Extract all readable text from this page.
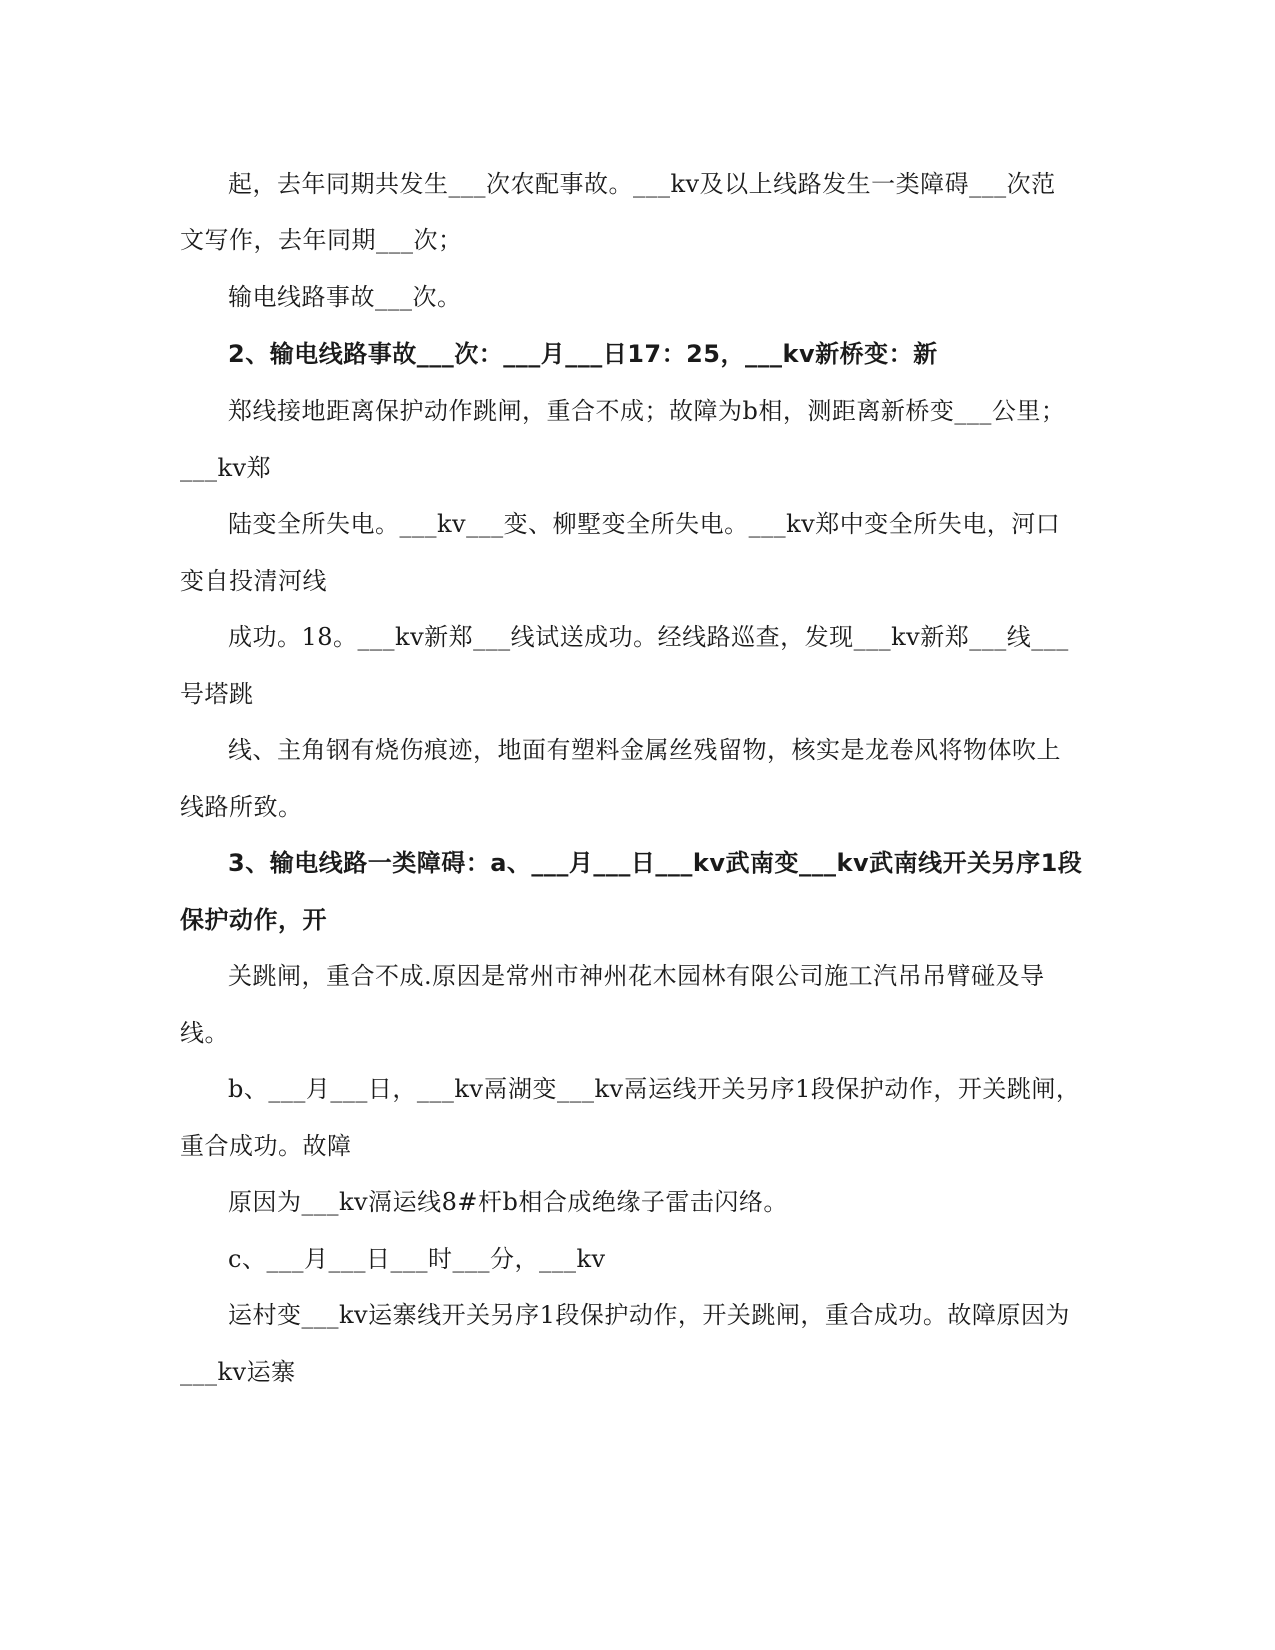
起，去年同期共发生___次农配事故。___kv及以上线路发生一类障碍___次范
文写作，去年同期___次；
输电线路事故___次。
2、输电线路事故___次：___月___日17：25，___kv新桥变：新
郑线接地距离保护动作跳闸，重合不成；故障为b相，测距离新桥变___公里；
___kv郑
陆变全所失电。___kv___变、柳墅变全所失电。___kv郑中变全所失电，河口
变自投清河线
成功。18。___kv新郑___线试送成功。经线路巡查，发现___kv新郑___线___
号塔跳
线、主角钢有烧伤痕迹，地面有塑料金属丝残留物，核实是龙卷风将物体吹上
线路所致。
3、输电线路一类障碍：a、___月___日___kv武南变___kv武南线开关另序1段
保护动作，开
关跳闸，重合不成.原因是常州市神州花木园林有限公司施工汽吊吊臂碰及导
线。
b、___月___日，___kv鬲湖变___kv鬲运线开关另序1段保护动作，开关跳闸，
重合成功。故障
原因为___kv滆运线8#杆b相合成绝缘子雷击闪络。
c、___月___日___时___分，___kv
运村变___kv运寨线开关另序1段保护动作，开关跳闸，重合成功。故障原因为
___kv运寨
